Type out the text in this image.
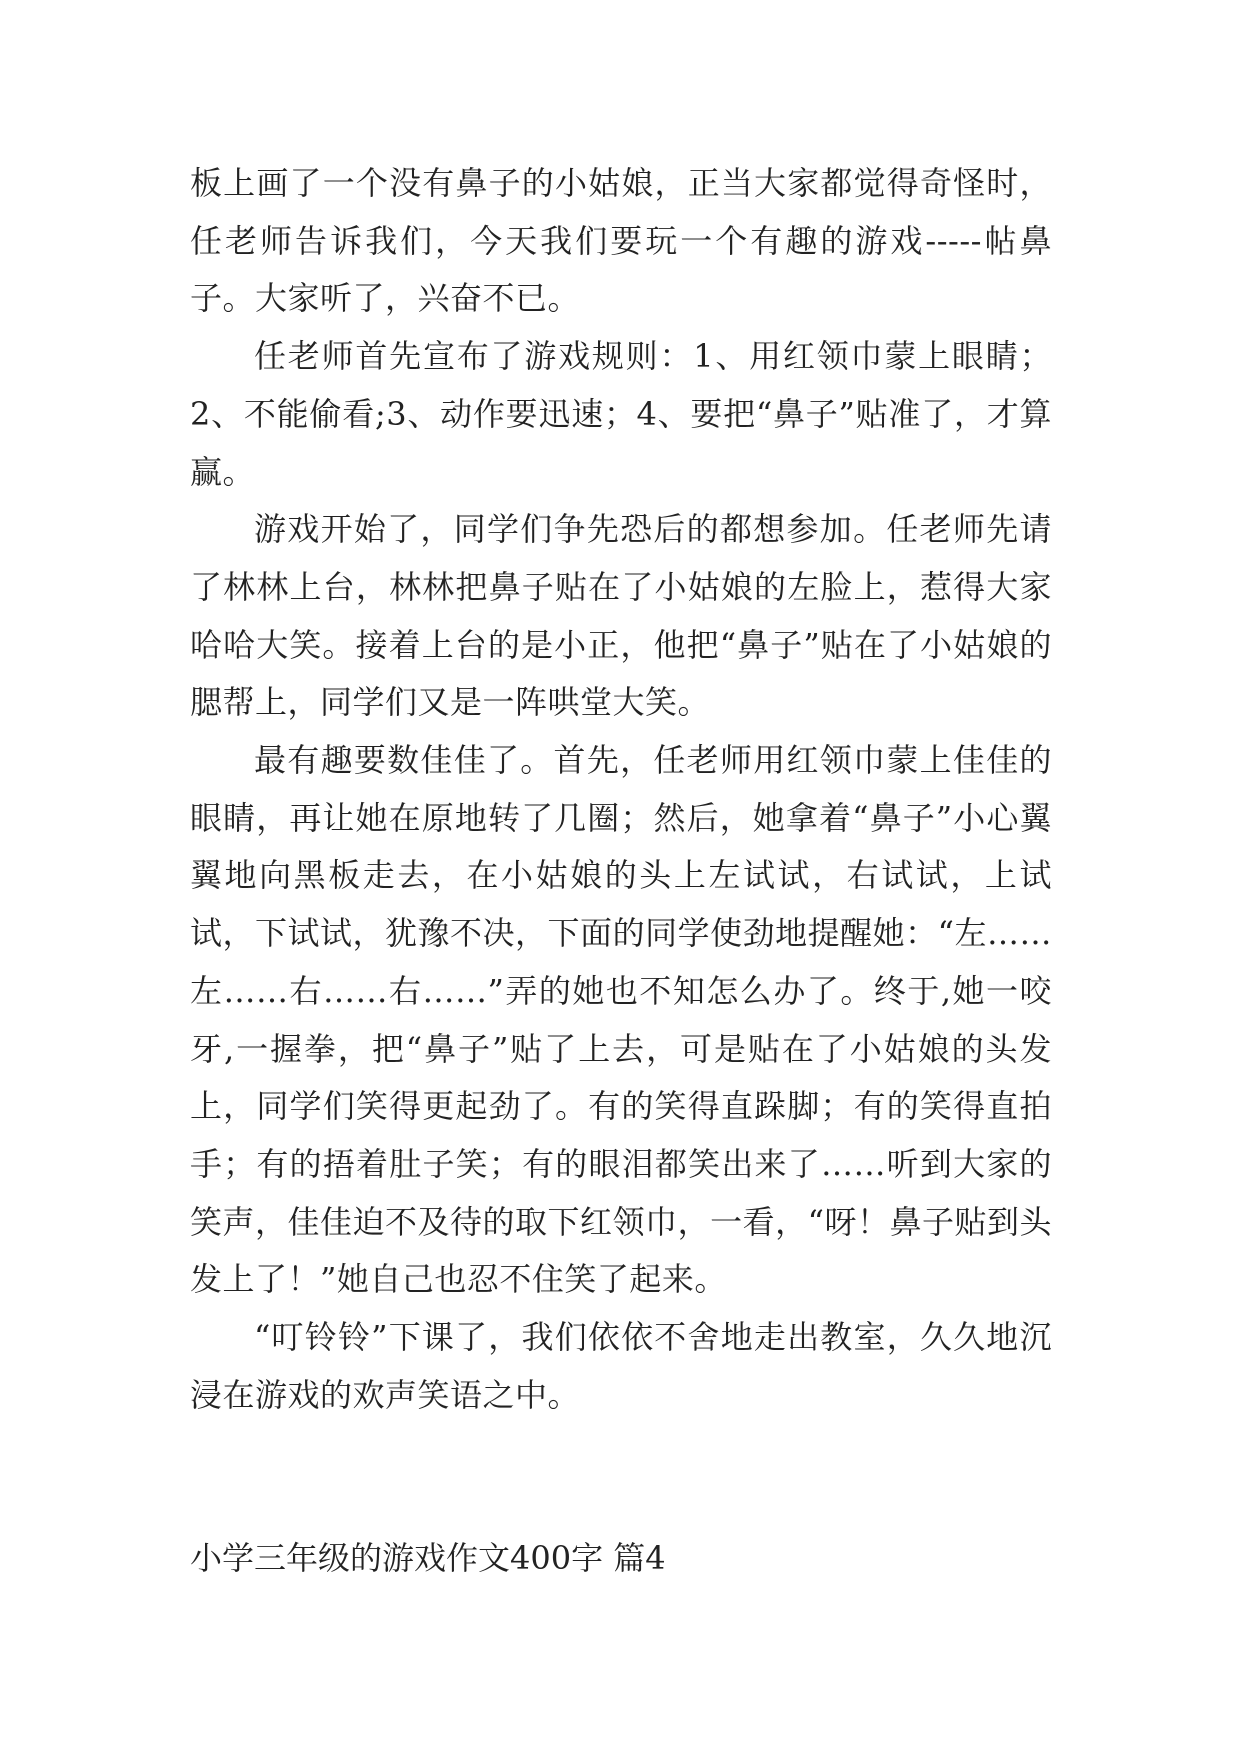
板上画了一个没有鼻子的小姑娘，正当大家都觉得奇怪时，任老师告诉我们，今天我们要玩一个有趣的游戏-----帖鼻子。大家听了，兴奋不已。

任老师首先宣布了游戏规则：1、用红领巾蒙上眼睛；2、不能偷看;3、动作要迅速；4、要把“鼻子”贴准了，才算赢。

游戏开始了，同学们争先恐后的都想参加。任老师先请了林林上台，林林把鼻子贴在了小姑娘的左脸上，惹得大家哈哈大笑。接着上台的是小正，他把“鼻子”贴在了小姑娘的腮帮上，同学们又是一阵哄堂大笑。

最有趣要数佳佳了。首先，任老师用红领巾蒙上佳佳的眼睛，再让她在原地转了几圈；然后，她拿着“鼻子”小心翼翼地向黑板走去，在小姑娘的头上左试试，右试试，上试试，下试试，犹豫不决，下面的同学使劲地提醒她：“左……左……右……右……”弄的她也不知怎么办了。终于,她一咬牙,一握拳，把“鼻子”贴了上去，可是贴在了小姑娘的头发上，同学们笑得更起劲了。有的笑得直跺脚；有的笑得直拍手；有的捂着肚子笑；有的眼泪都笑出来了……听到大家的笑声，佳佳迫不及待的取下红领巾，一看，“呀！鼻子贴到头发上了！”她自己也忍不住笑了起来。

“叮铃铃”下课了，我们依依不舍地走出教室，久久地沉浸在游戏的欢声笑语之中。

小学三年级的游戏作文400字 篇4
